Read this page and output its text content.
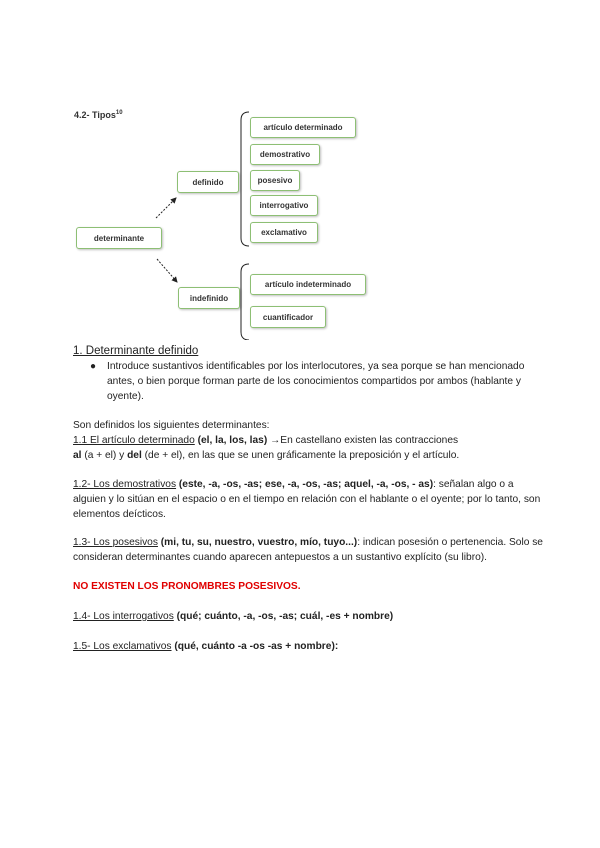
4.2- Tipos$^{10}$
determinante
definido
indefinido
artículo determinado
demostrativo
posesivo
interrogativo
exclamativo
artículo indeterminado
cuantificador
1. Determinante definido
● Introduce sustantivos identificables por los interlocutores, ya sea porque se han mencionado antes, o bien porque forman parte de los conocimientos compartidos por ambos (hablante y oyente).
Son definidos los siguientes determinantes:
1.1 El artículo determinado (el, la, los, las) →En castellano existen las contracciones
al (a + el) y del (de + el), en las que se unen gráficamente la preposición y el artículo.
1.2- Los demostrativos (este, -a, -os, -as; ese, -a, -os, -as; aquel, -a, -os, - as): señalan algo o a alguien y lo sitúan en el espacio o en el tiempo en relación con el hablante o el oyente; por lo tanto, son elementos deícticos.
1.3- Los posesivos (mi, tu, su, nuestro, vuestro, mío, tuyo...): indican posesión o pertenencia. Solo se consideran determinantes cuando aparecen antepuestos a un sustantivo explícito (su libro).
NO EXISTEN LOS PRONOMBRES POSESIVOS.
1.4- Los interrogativos (qué; cuánto, -a, -os, -as; cuál, -es + nombre)
1.5- Los exclamativos (qué, cuánto -a -os -as + nombre):
